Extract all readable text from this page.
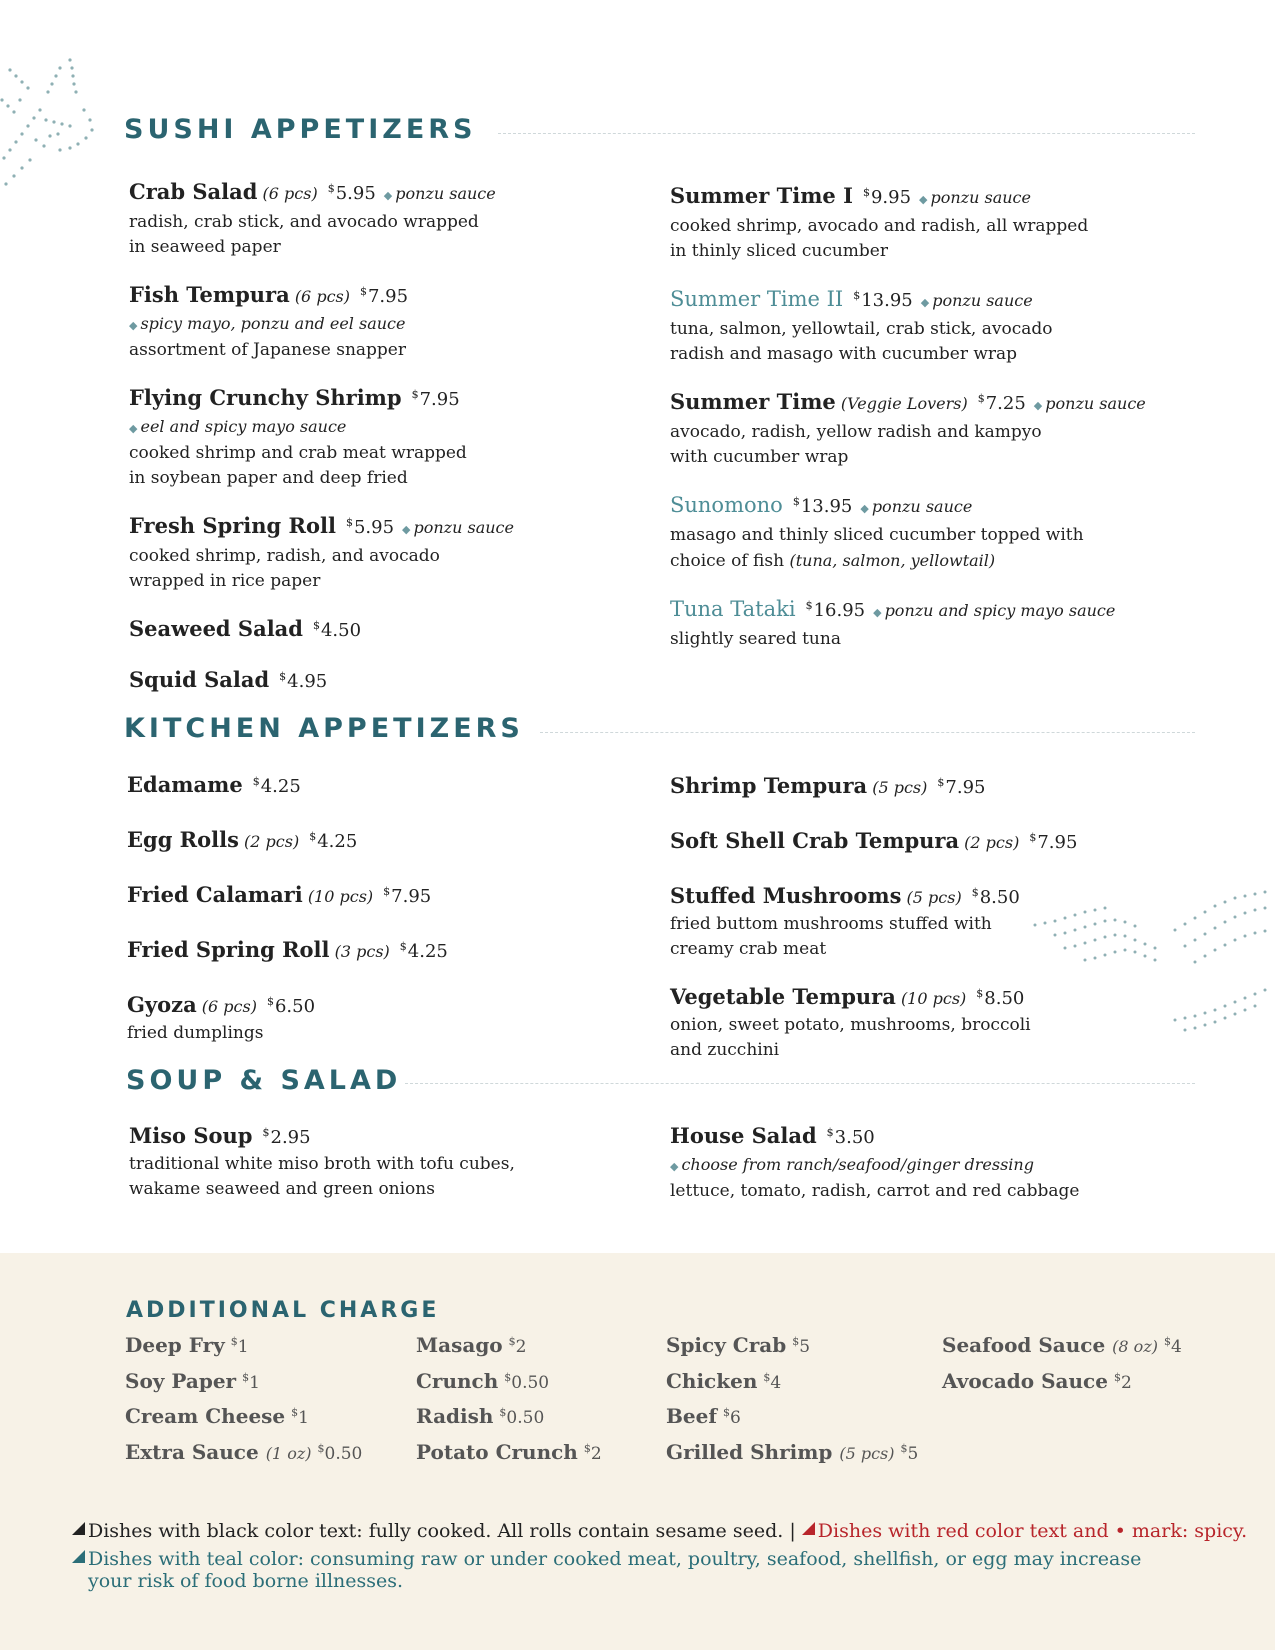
SUSHI APPETIZERS
Crab Salad (6 pcs) $5.95 ◆ ponzu sauce
radish, crab stick, and avocado wrapped
in seaweed paper
Fish Tempura (6 pcs) $7.95
◆ spicy mayo, ponzu and eel sauce
assortment of Japanese snapper
Flying Crunchy Shrimp $7.95
◆ eel and spicy mayo sauce
cooked shrimp and crab meat wrapped
in soybean paper and deep fried
Fresh Spring Roll $5.95 ◆ ponzu sauce
cooked shrimp, radish, and avocado
wrapped in rice paper
Seaweed Salad $4.50
Squid Salad $4.95
Summer Time I $9.95 ◆ ponzu sauce
cooked shrimp, avocado and radish, all wrapped
in thinly sliced cucumber
Summer Time II $13.95 ◆ ponzu sauce
tuna, salmon, yellowtail, crab stick, avocado
radish and masago with cucumber wrap
Summer Time (Veggie Lovers) $7.25 ◆ ponzu sauce
avocado, radish, yellow radish and kampyo
with cucumber wrap
Sunomono $13.95 ◆ ponzu sauce
masago and thinly sliced cucumber topped with
choice of fish (tuna, salmon, yellowtail)
Tuna Tataki $16.95 ◆ ponzu and spicy mayo sauce
slightly seared tuna
KITCHEN APPETIZERS
Edamame $4.25
Egg Rolls (2 pcs) $4.25
Fried Calamari (10 pcs) $7.95
Fried Spring Roll (3 pcs) $4.25
Gyoza (6 pcs) $6.50
fried dumplings
Shrimp Tempura (5 pcs) $7.95
Soft Shell Crab Tempura (2 pcs) $7.95
Stuffed Mushrooms (5 pcs) $8.50
fried buttom mushrooms stuffed with
creamy crab meat
Vegetable Tempura (10 pcs) $8.50
onion, sweet potato, mushrooms, broccoli
and zucchini
SOUP & SALAD
Miso Soup $2.95
traditional white miso broth with tofu cubes,
wakame seaweed and green onions
House Salad $3.50
◆ choose from ranch/seafood/ginger dressing
lettuce, tomato, radish, carrot and red cabbage
ADDITIONAL CHARGE
Deep Fry $1
Soy Paper $1
Cream Cheese $1
Extra Sauce (1 oz) $0.50
Masago $2
Crunch $0.50
Radish $0.50
Potato Crunch $2
Spicy Crab $5
Chicken $4
Beef $6
Grilled Shrimp (5 pcs) $5
Seafood Sauce (8 oz) $4
Avocado Sauce $2
Dishes with black color text: fully cooked. All rolls contain sesame seed. | Dishes with red color text and • mark: spicy.
Dishes with teal color: consuming raw or under cooked meat, poultry, seafood, shellfish, or egg may increase
your risk of food borne illnesses.
